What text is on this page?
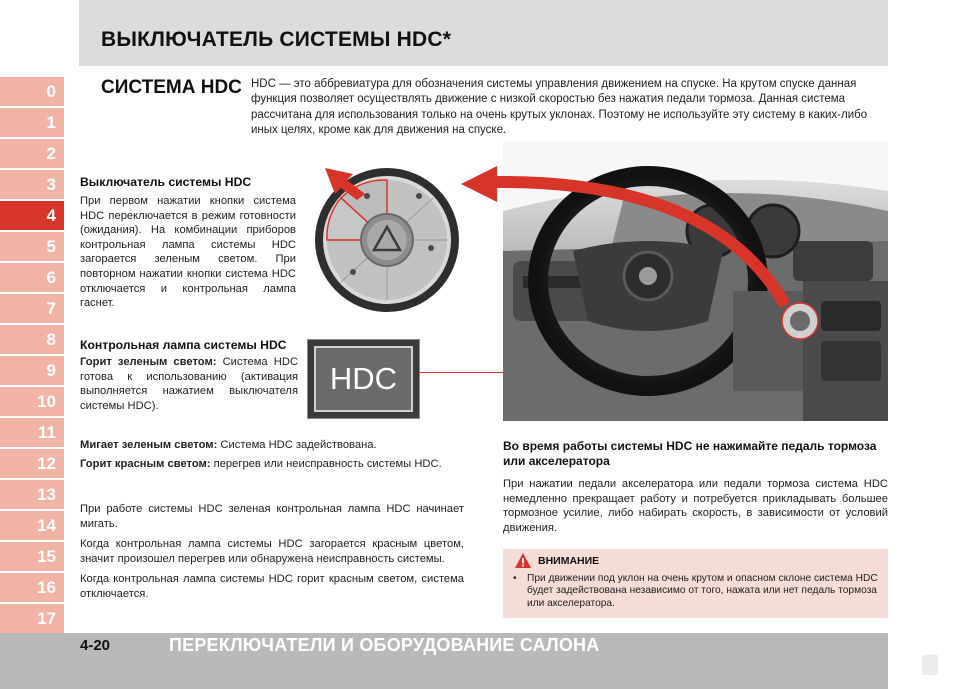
ВЫКЛЮЧАТЕЛЬ СИСТЕМЫ HDC*
0
1
2
3
4
5
6
7
8
9
10
11
12
13
14
15
16
17
СИСТЕМА HDC HDC — это аббревиатура для обозначения системы управления движением на спуске. На крутом спуске данная функция позволяет осуществлять движение с низкой скоростью без нажатия педали тормоза. Данная система рассчитана для использования только на очень крутых уклонах. Поэтому не используйте эту систему в каких-либо иных целях, кроме как для движения на спуске.
Выключатель системы HDC

При первом нажатии кнопки система HDC переключается в режим готовности (ожидания). На комбинации приборов контрольная лампа системы HDC загорается зеленым светом. При повторном нажатии кнопки система HDC отключается и контрольная лампа гаснет.

Контрольная лампа системы HDC

Горит зеленым светом: Система HDC готова к использованию (активация выполняется нажатием выключателя системы HDC).

Мигает зеленым светом: Система HDC задействована.

Горит красным светом: перегрев или неисправность системы HDC.

HDC

При работе системы HDC зеленая контрольная лампа HDC начинает мигать.

Когда контрольная лампа системы HDC загорается красным цветом, значит произошел перегрев или обнаружена неисправность системы.

Когда контрольная лампа системы HDC горит красным светом, система отключается.

Во время работы системы HDC не нажимайте педаль тормоза или акселератора

При нажатии педали акселератора или педали тормоза система HDC немедленно прекращает работу и потребуется прикладывать большее тормозное усилие, либо набирать скорость, в зависимости от условий движения.

ВНИМАНИЕ
•	При движении под уклон на очень крутом и опасном склоне система HDC будет задействована независимо от того, нажата или нет педаль тормоза или акселератора.
4-20	ПЕРЕКЛЮЧАТЕЛИ И ОБОРУДОВАНИЕ САЛОНА
